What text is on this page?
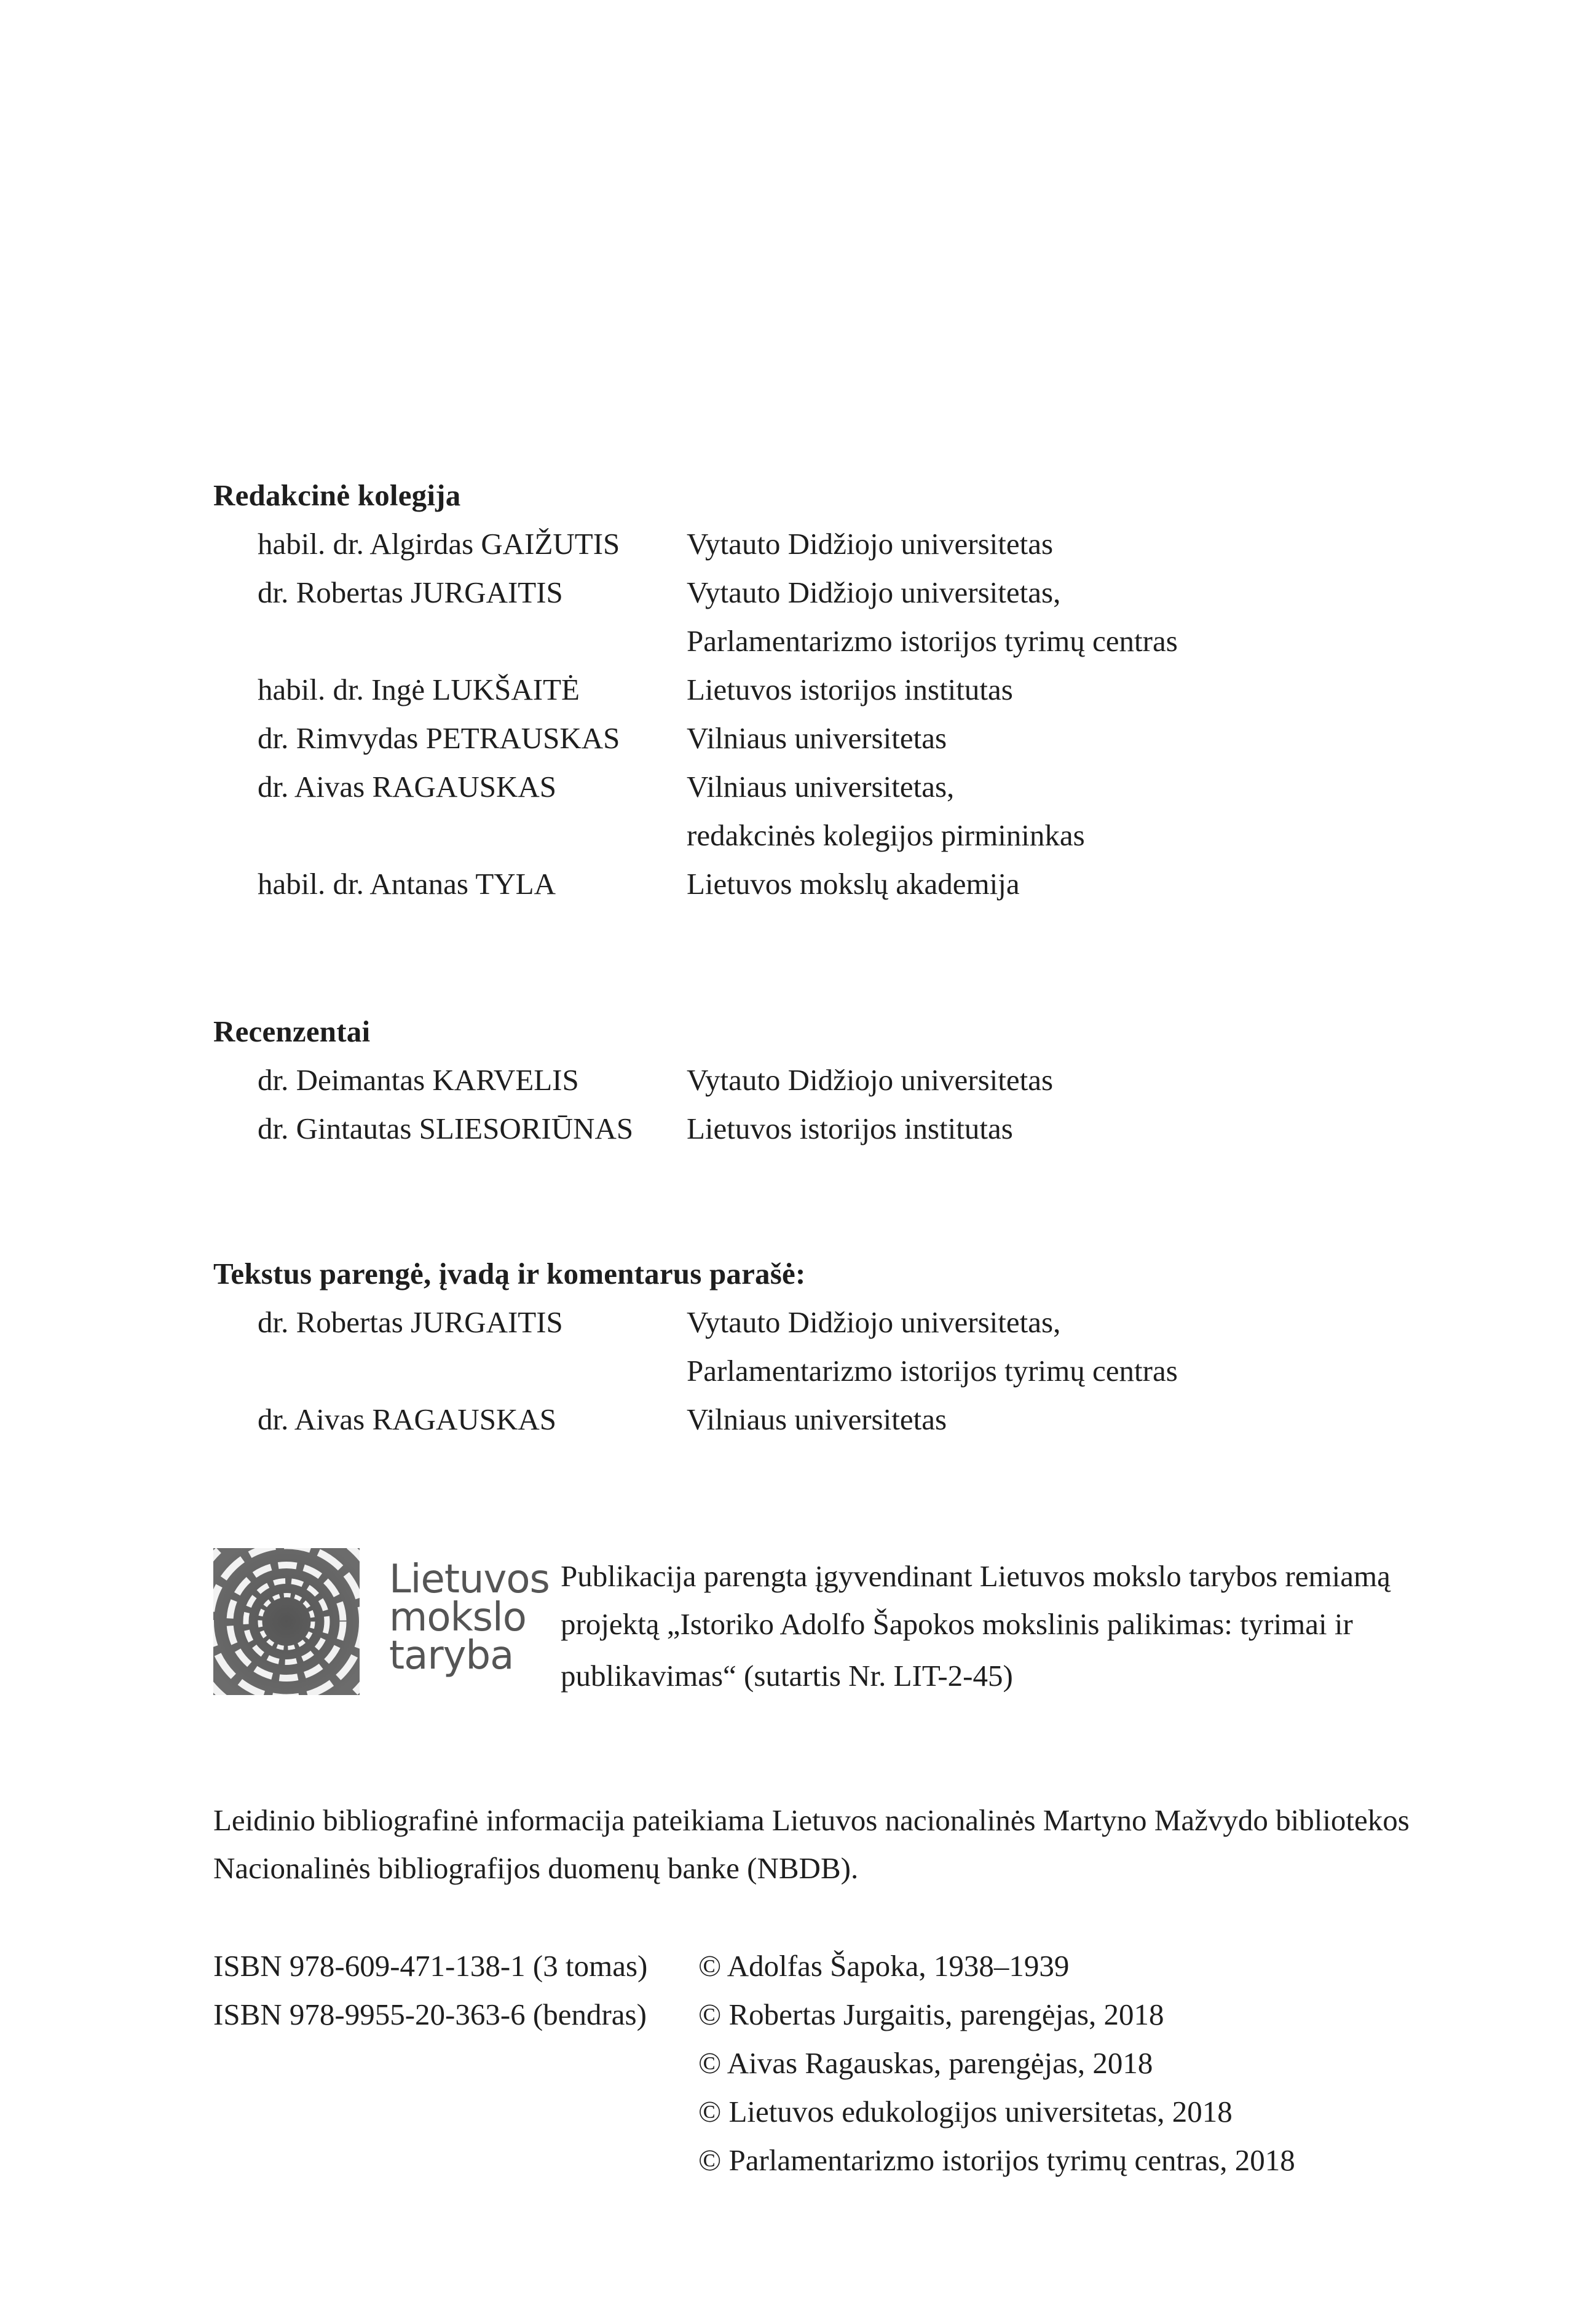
Redakcinė kolegija
habil. dr. Algirdas GAIŽUTIS Vytauto Didžiojo universitetas
dr. Robertas JURGAITIS	Vytauto Didžiojo universitetas,
Parlamentarizmo istorijos tyrimų centras
habil. dr. Ingė LUKŠAITĖ	Lietuvos istorijos institutas
dr. Rimvydas PETRAUSKAS Vilniaus universitetas
dr. Aivas RAGAUSKAS	Vilniaus universitetas,
redakcinės kolegijos pirmininkas
habil. dr. Antanas TYLA	Lietuvos mokslų akademija
Recenzentai
dr. Deimantas KARVELIS	Vytauto Didžiojo universitetas
dr. Gintautas SLIESORIŪNAS Lietuvos istorijos institutas
Tekstus parengė, įvadą ir komentarus parašė:
dr. Robertas JURGAITIS	Vytauto Didžiojo universitetas,
Parlamentarizmo istorijos tyrimų centras
dr. Aivas RAGAUSKAS	Vilniaus universitetas
Lietuvos
mokslo
taryba
Publikacija parengta įgyvendinant Lietuvos mokslo tarybos remiamą
projektą „Istoriko Adolfo Šapokos mokslinis palikimas: tyrimai ir
publikavimas“ (sutartis Nr. LIT-2-45)
Leidinio bibliografinė informacija pateikiama Lietuvos nacionalinės Martyno Mažvydo bibliotekos
Nacionalinės bibliografijos duomenų banke (NBDB).
ISBN 978-609-471-138-1 (3 tomas) © Adolfas Šapoka, 1938–1939
ISBN 978-9955-20-363-6 (bendras) © Robertas Jurgaitis, parengėjas, 2018
© Aivas Ragauskas, parengėjas, 2018
© Lietuvos edukologijos universitetas, 2018
© Parlamentarizmo istorijos tyrimų centras, 2018
